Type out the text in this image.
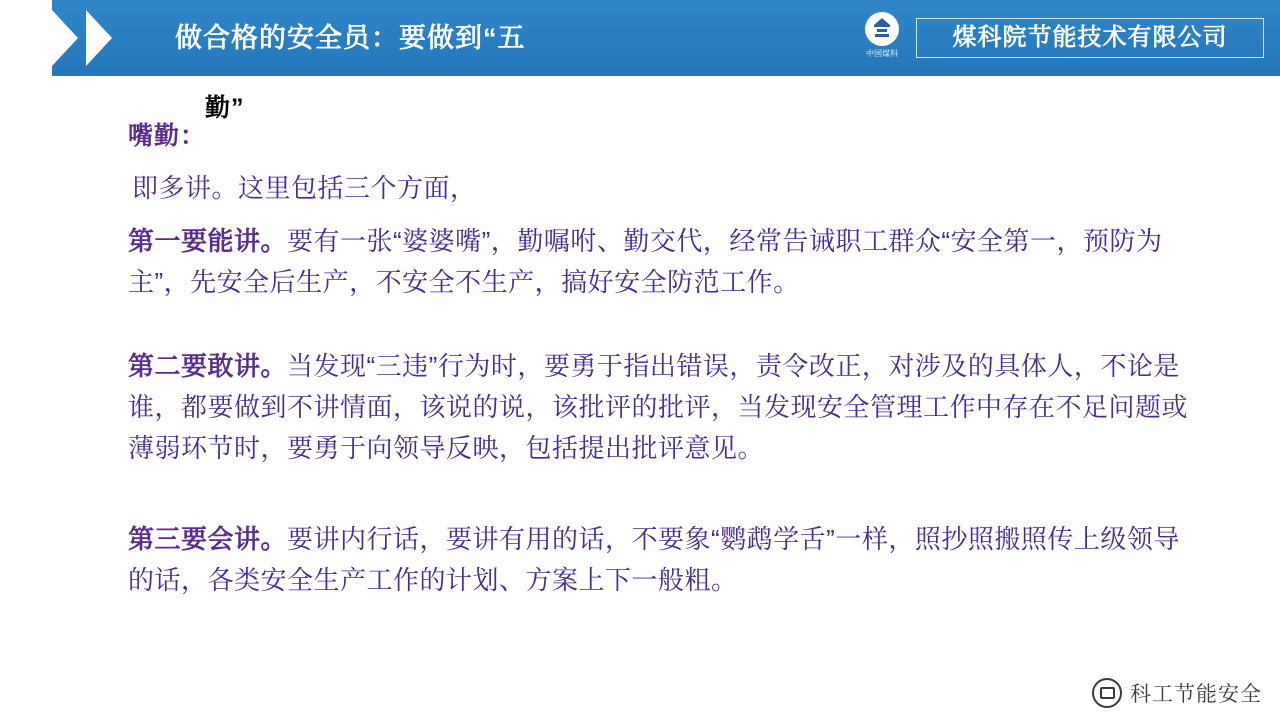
做合格的安全员：要做到“五
中国煤科
煤科院节能技术有限公司
勤”
嘴勤：
即多讲。这里包括三个方面，
第一要能讲。要有一张“婆婆嘴”，勤嘱咐、勤交代，经常告诫职工群众“安全第一，预防为主”，先安全后生产，不安全不生产，搞好安全防范工作。
第二要敢讲。当发现“三违”行为时，要勇于指出错误，责令改正，对涉及的具体人，不论是谁，都要做到不讲情面，该说的说，该批评的批评，当发现安全管理工作中存在不足问题或薄弱环节时，要勇于向领导反映，包括提出批评意见。
第三要会讲。要讲内行话，要讲有用的话，不要象“鹦鹉学舌”一样，照抄照搬照传上级领导的话，各类安全生产工作的计划、方案上下一般粗。
科工节能安全
